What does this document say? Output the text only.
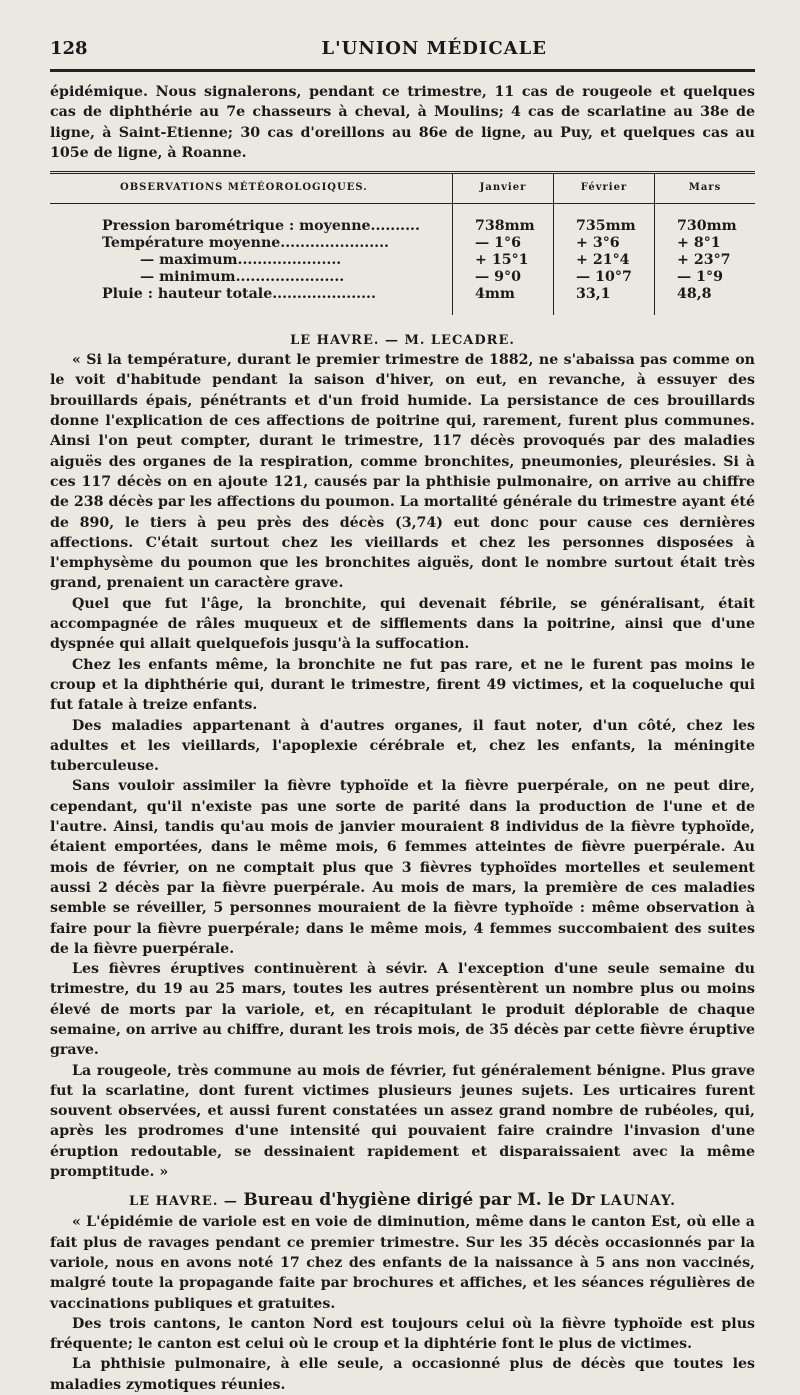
128	L'UNION MÉDICALE

épidémique. Nous signalerons, pendant ce trimestre, 11 cas de rougeole et quelques cas de diphthérie au 7e chasseurs à cheval, à Moulins; 4 cas de scarlatine au 38e de ligne, à Saint-Etienne; 30 cas d'oreillons au 86e de ligne, au Puy, et quelques cas au 105e de ligne, à Roanne.

OBSERVATIONS MÉTÉOROLOGIQUES.	Janvier	Février	Mars
Pression barométrique : moyenne..........	738mm	735mm	730mm
Température moyenne......................	— 1°6	+ 3°6	+ 8°1
— maximum.....................	+ 15°1	+ 21°4	+ 23°7
— minimum......................	— 9°0	— 10°7	— 1°9
Pluie : hauteur totale.....................	4mm	33,1	48,8
LE HAVRE. — M. LECADRE.

« Si la température, durant le premier trimestre de 1882, ne s'abaissa pas comme on le voit d'habitude pendant la saison d'hiver, on eut, en revanche, à essuyer des brouillards épais, pénétrants et d'un froid humide. La persistance de ces brouillards donne l'explication de ces affections de poitrine qui, rarement, furent plus communes. Ainsi l'on peut compter, durant le trimestre, 117 décès provoqués par des maladies aiguës des organes de la respiration, comme bronchites, pneumonies, pleurésies. Si à ces 117 décès on en ajoute 121, causés par la phthisie pulmonaire, on arrive au chiffre de 238 décès par les affections du poumon. La mortalité générale du trimestre ayant été de 890, le tiers à peu près des décès (3,74) eut donc pour cause ces dernières affections. C'était surtout chez les vieillards et chez les personnes disposées à l'emphysème du poumon que les bronchites aiguës, dont le nombre surtout était très grand, prenaient un caractère grave.

Quel que fut l'âge, la bronchite, qui devenait fébrile, se généralisant, était accompagnée de râles muqueux et de sifflements dans la poitrine, ainsi que d'une dyspnée qui allait quelquefois jusqu'à la suffocation.

Chez les enfants même, la bronchite ne fut pas rare, et ne le furent pas moins le croup et la diphthérie qui, durant le trimestre, firent 49 victimes, et la coqueluche qui fut fatale à treize enfants.

Des maladies appartenant à d'autres organes, il faut noter, d'un côté, chez les adultes et les vieillards, l'apoplexie cérébrale et, chez les enfants, la méningite tuberculeuse.

Sans vouloir assimiler la fièvre typhoïde et la fièvre puerpérale, on ne peut dire, cependant, qu'il n'existe pas une sorte de parité dans la production de l'une et de l'autre. Ainsi, tandis qu'au mois de janvier mouraient 8 individus de la fièvre typhoïde, étaient emportées, dans le même mois, 6 femmes atteintes de fièvre puerpérale. Au mois de février, on ne comptait plus que 3 fièvres typhoïdes mortelles et seulement aussi 2 décès par la fièvre puerpérale. Au mois de mars, la première de ces maladies semble se réveiller, 5 personnes mouraient de la fièvre typhoïde : même observation à faire pour la fièvre puerpérale; dans le même mois, 4 femmes succombaient des suites de la fièvre puerpérale.

Les fièvres éruptives continuèrent à sévir. A l'exception d'une seule semaine du trimestre, du 19 au 25 mars, toutes les autres présentèrent un nombre plus ou moins élevé de morts par la variole, et, en récapitulant le produit déplorable de chaque semaine, on arrive au chiffre, durant les trois mois, de 35 décès par cette fièvre éruptive grave.

La rougeole, très commune au mois de février, fut généralement bénigne. Plus grave fut la scarlatine, dont furent victimes plusieurs jeunes sujets. Les urticaires furent souvent observées, et aussi furent constatées un assez grand nombre de rubéoles, qui, après les prodromes d'une intensité qui pouvaient faire craindre l'invasion d'une éruption redoutable, se dessinaient rapidement et disparaissaient avec la même promptitude. »

LE HAVRE. — Bureau d'hygiène dirigé par M. le Dr LAUNAY.

« L'épidémie de variole est en voie de diminution, même dans le canton Est, où elle a fait plus de ravages pendant ce premier trimestre. Sur les 35 décès occasionnés par la variole, nous en avons noté 17 chez des enfants de la naissance à 5 ans non vaccinés, malgré toute la propagande faite par brochures et affiches, et les séances régulières de vaccinations publiques et gratuites.

Des trois cantons, le canton Nord est toujours celui où la fièvre typhoïde est plus fréquente; le canton est celui où le croup et la diphtérie font le plus de victimes.

La phthisie pulmonaire, à elle seule, a occasionné plus de décès que toutes les maladies zymotiques réunies.
